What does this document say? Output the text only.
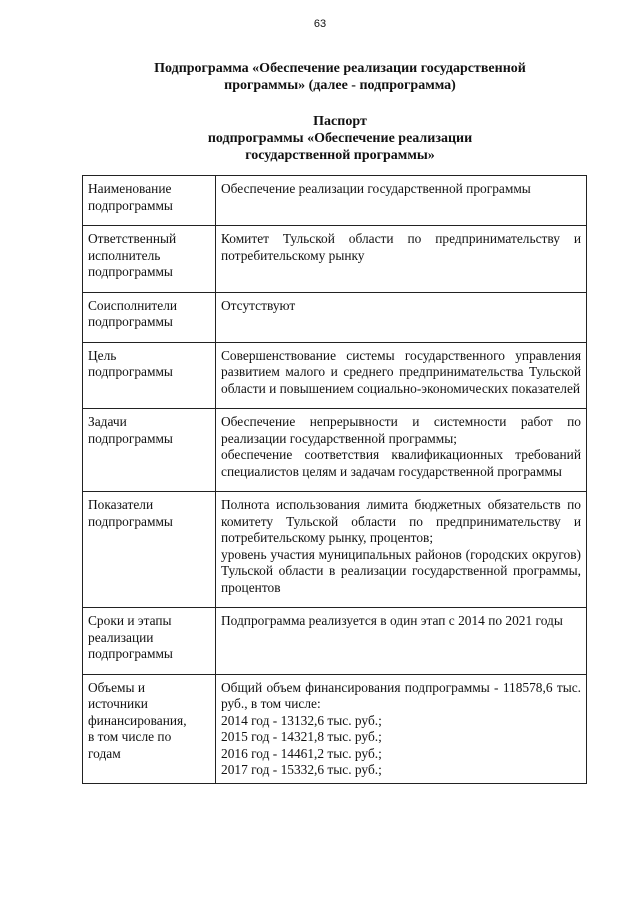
63
Подпрограмма «Обеспечение реализации государственной
программы» (далее - подпрограмма)
Паспорт
подпрограммы «Обеспечение реализации
государственной программы»
Наименование
подпрограммы	Обеспечение реализации государственной программы

Ответственный
исполнитель
подпрограммы	Комитет Тульской области по предпринимательству и потребительскому рынку

Соисполнители
подпрограммы	Отсутствуют

Цель
подпрограммы	Совершенствование системы государственного управления развитием малого и среднего предпринимательства Тульской области и повышением социально-экономических показателей

Задачи
подпрограммы	Обеспечение непрерывности и системности работ по реализации государственной программы;
обеспечение соответствия квалификационных требований специалистов целям и задачам государственной программы

Показатели
подпрограммы	Полнота использования лимита бюджетных обязательств по комитету Тульской области по предпринимательству и потребительскому рынку, процентов;
уровень участия муниципальных районов (городских округов) Тульской области в реализации государственной программы, процентов

Сроки и этапы
реализации
подпрограммы	Подпрограмма реализуется в один этап с 2014 по 2021 годы

Объемы и
источники
финансирования,
в том числе по
годам	Общий объем финансирования подпрограммы - 118578,6 тыс. руб., в том числе:
2014 год - 13132,6 тыс. руб.;
2015 год - 14321,8 тыс. руб.;
2016 год - 14461,2 тыс. руб.;
2017 год - 15332,6 тыс. руб.;
